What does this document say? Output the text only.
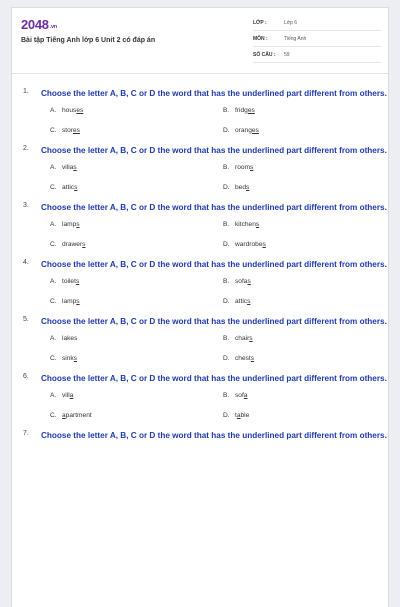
2048.vn
Bài tập Tiếng Anh lớp 6 Unit 2 có đáp án
LỚP :	Lớp 6
MÔN :	Tiếng Anh
SỐ CÂU :	59
1. Choose the letter A, B, C or D the word that has the underlined part different from others.
A. houses	B. fridges
C. stores	D. oranges
2. Choose the letter A, B, C or D the word that has the underlined part different from others.
A. villas	B. rooms
C. attics	D. beds
3. Choose the letter A, B, C or D the word that has the underlined part different from others.
A. lamps	B. kitchens
C. drawers	D. wardrobes
4. Choose the letter A, B, C or D the word that has the underlined part different from others.
A. toilets	B. sofas
C. lamps	D. attics
5. Choose the letter A, B, C or D the word that has the underlined part different from others.
A. lakes	B. chairs
C. sinks	D. chests
6. Choose the letter A, B, C or D the word that has the underlined part different from others.
A. villa	B. sofa
C. apartment	D. table
7. Choose the letter A, B, C or D the word that has the underlined part different from others.
